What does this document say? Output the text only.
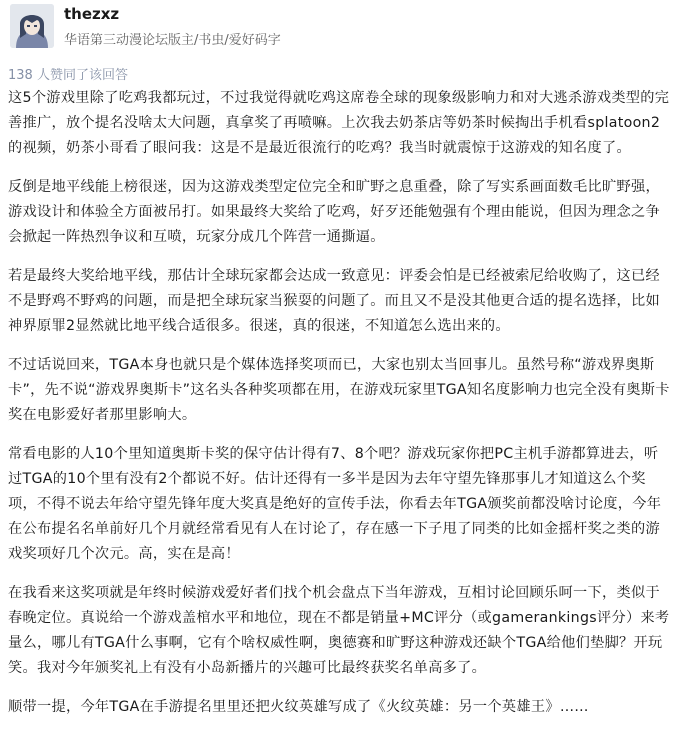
thezxz
华语第三动漫论坛版主/书虫/爱好码字
138 人赞同了该回答

这5个游戏里除了吃鸡我都玩过，不过我觉得就吃鸡这席卷全球的现象级影响力和对大逃杀游戏类型的完善推广，放个提名没啥太大问题，真拿奖了再喷嘛。上次我去奶茶店等奶茶时候掏出手机看splatoon2的视频，奶茶小哥看了眼问我：这是不是最近很流行的吃鸡？我当时就震惊于这游戏的知名度了。

反倒是地平线能上榜很迷，因为这游戏类型定位完全和旷野之息重叠，除了写实系画面数毛比旷野强，游戏设计和体验全方面被吊打。如果最终大奖给了吃鸡，好歹还能勉强有个理由能说，但因为理念之争会掀起一阵热烈争议和互喷，玩家分成几个阵营一通撕逼。

若是最终大奖给地平线，那估计全球玩家都会达成一致意见：评委会怕是已经被索尼给收购了，这已经不是野鸡不野鸡的问题，而是把全球玩家当猴耍的问题了。而且又不是没其他更合适的提名选择，比如神界原罪2显然就比地平线合适很多。很迷，真的很迷，不知道怎么选出来的。

不过话说回来，TGA本身也就只是个媒体选择奖项而已，大家也别太当回事儿。虽然号称“游戏界奥斯卡”，先不说“游戏界奥斯卡”这名头各种奖项都在用，在游戏玩家里TGA知名度影响力也完全没有奥斯卡奖在电影爱好者那里影响大。

常看电影的人10个里知道奥斯卡奖的保守估计得有7、8个吧？游戏玩家你把PC主机手游都算进去，听过TGA的10个里有没有2个都说不好。估计还得有一多半是因为去年守望先锋那事儿才知道这么个奖项，不得不说去年给守望先锋年度大奖真是绝好的宣传手法，你看去年TGA颁奖前都没啥讨论度，今年在公布提名名单前好几个月就经常看见有人在讨论了，存在感一下子甩了同类的比如金摇杆奖之类的游戏奖项好几个次元。高，实在是高！

在我看来这奖项就是年终时候游戏爱好者们找个机会盘点下当年游戏，互相讨论回顾乐呵一下，类似于春晚定位。真说给一个游戏盖棺水平和地位，现在不都是销量+MC评分（或gamerankings评分）来考量么，哪儿有TGA什么事啊，它有个啥权威性啊，奥德赛和旷野这种游戏还缺个TGA给他们垫脚？开玩笑。我对今年颁奖礼上有没有小岛新播片的兴趣可比最终获奖名单高多了。

顺带一提，今年TGA在手游提名里里还把火纹英雄写成了《火纹英雄：另一个英雄王》……
